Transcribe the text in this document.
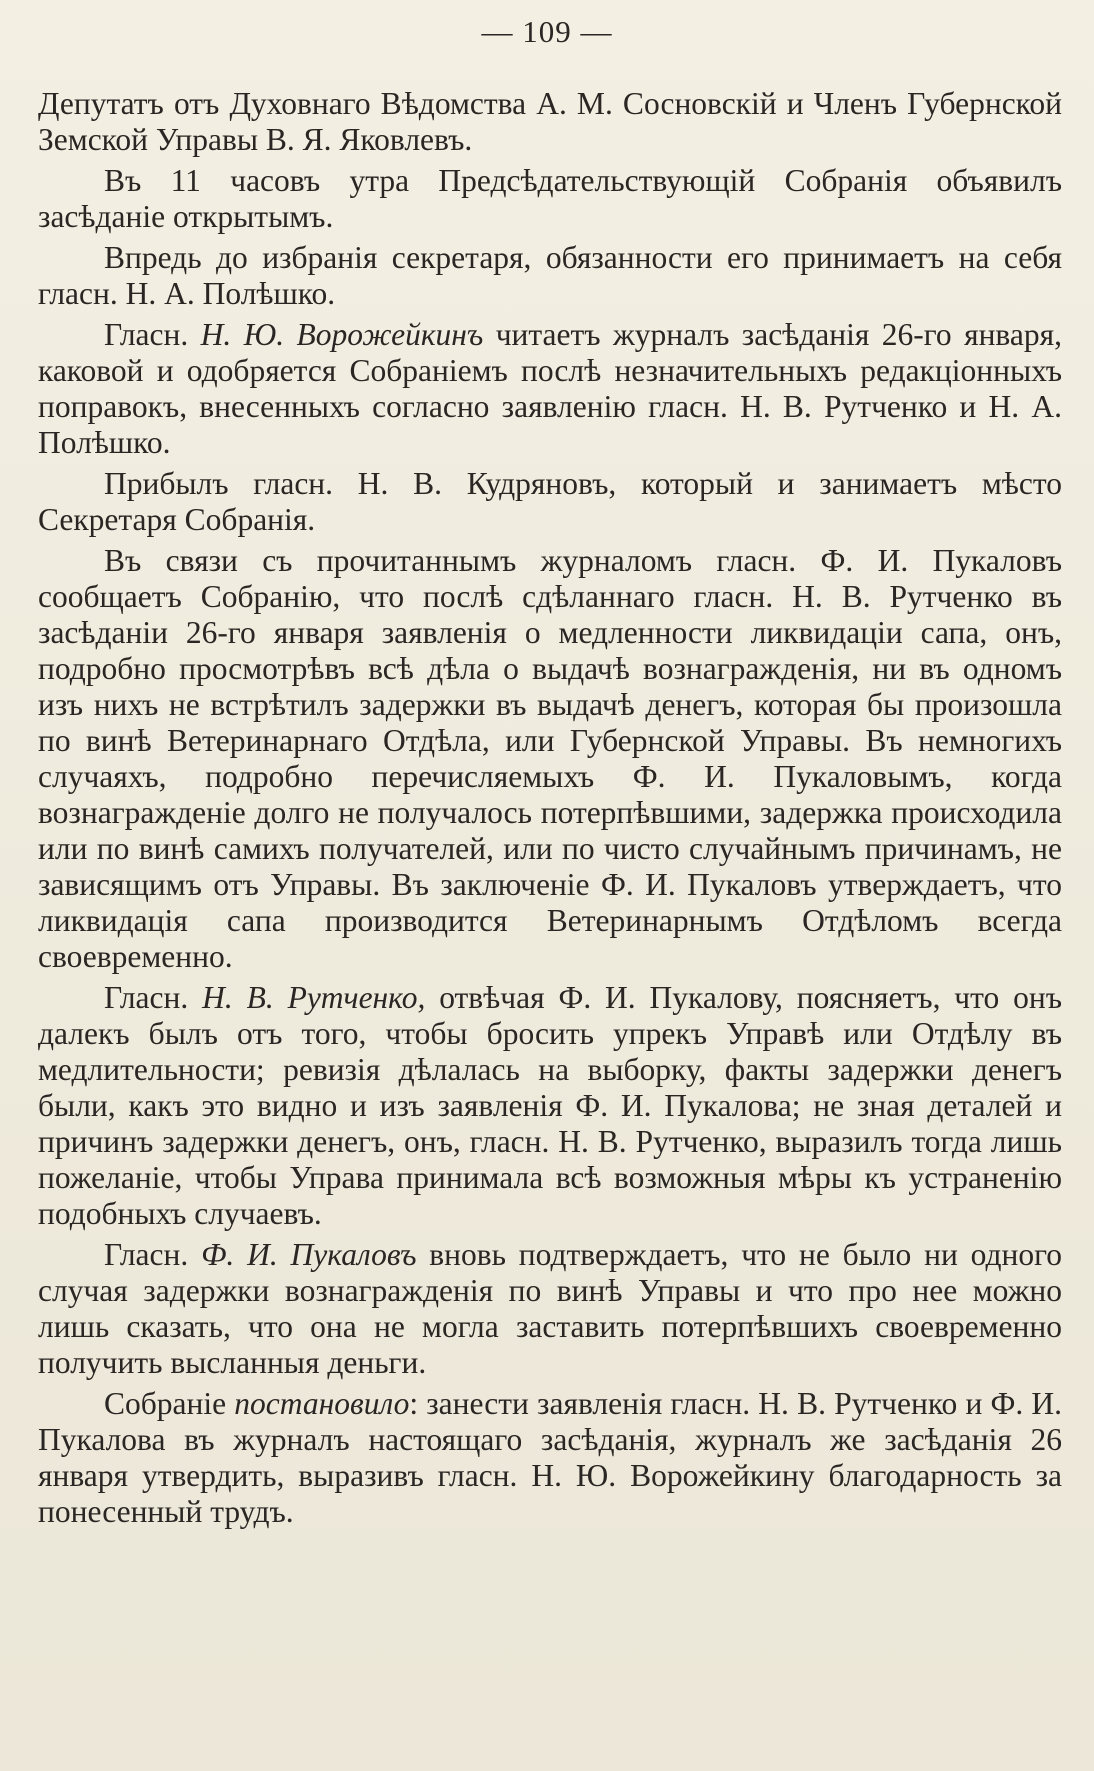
— 109 —

Депутатъ отъ Духовнаго Вѣдомства А. М. Сосновскій и Членъ Губернской Земской Управы В. Я. Яковлевъ.

Въ 11 часовъ утра Предсѣдательствующій Собранія объявилъ засѣданіе открытымъ.

Впредь до избранія секретаря, обязанности его принимаетъ на себя гласн. Н. А. Полѣшко.

Гласн. Н. Ю. Ворожейкинъ читаетъ журналъ засѣданія 26-го января, каковой и одобряется Собраніемъ послѣ незначительныхъ редакціонныхъ поправокъ, внесенныхъ согласно заявленію гласн. Н. В. Рутченко и Н. А. Полѣшко.

Прибылъ гласн. Н. В. Кудряновъ, который и занимаетъ мѣсто Секретаря Собранія.

Въ связи съ прочитаннымъ журналомъ гласн. Ф. И. Пукаловъ сообщаетъ Собранію, что послѣ сдѣланнаго гласн. Н. В. Рутченко въ засѣданіи 26-го января заявленія о медленности ликвидаціи сапа, онъ, подробно просмотрѣвъ всѣ дѣла о выдачѣ вознагражденія, ни въ одномъ изъ нихъ не встрѣтилъ задержки въ выдачѣ денегъ, которая бы произошла по винѣ Ветеринарнаго Отдѣла, или Губернской Управы. Въ немногихъ случаяхъ, подробно перечисляемыхъ Ф. И. Пукаловымъ, когда вознагражденіе долго не получалось потерпѣвшими, задержка происходила или по винѣ самихъ получателей, или по чисто случайнымъ причинамъ, не зависящимъ отъ Управы. Въ заключеніе Ф. И. Пукаловъ утверждаетъ, что ликвидація сапа производится Ветеринарнымъ Отдѣломъ всегда своевременно.

Гласн. Н. В. Рутченко, отвѣчая Ф. И. Пукалову, поясняетъ, что онъ далекъ былъ отъ того, чтобы бросить упрекъ Управѣ или Отдѣлу въ медлительности; ревизія дѣлалась на выборку, факты задержки денегъ были, какъ это видно и изъ заявленія Ф. И. Пукалова; не зная деталей и причинъ задержки денегъ, онъ, гласн. Н. В. Рутченко, выразилъ тогда лишь пожеланіе, чтобы Управа принимала всѣ возможныя мѣры къ устраненію подобныхъ случаевъ.

Гласн. Ф. И. Пукаловъ вновь подтверждаетъ, что не было ни одного случая задержки вознагражденія по винѣ Управы и что про нее можно лишь сказать, что она не могла заставить потерпѣвшихъ своевременно получить высланныя деньги.

Собраніе постановило: занести заявленія гласн. Н. В. Рутченко и Ф. И. Пукалова въ журналъ настоящаго засѣданія, журналъ же засѣданія 26 января утвердить, выразивъ гласн. Н. Ю. Ворожейкину благодарность за понесенный трудъ.
